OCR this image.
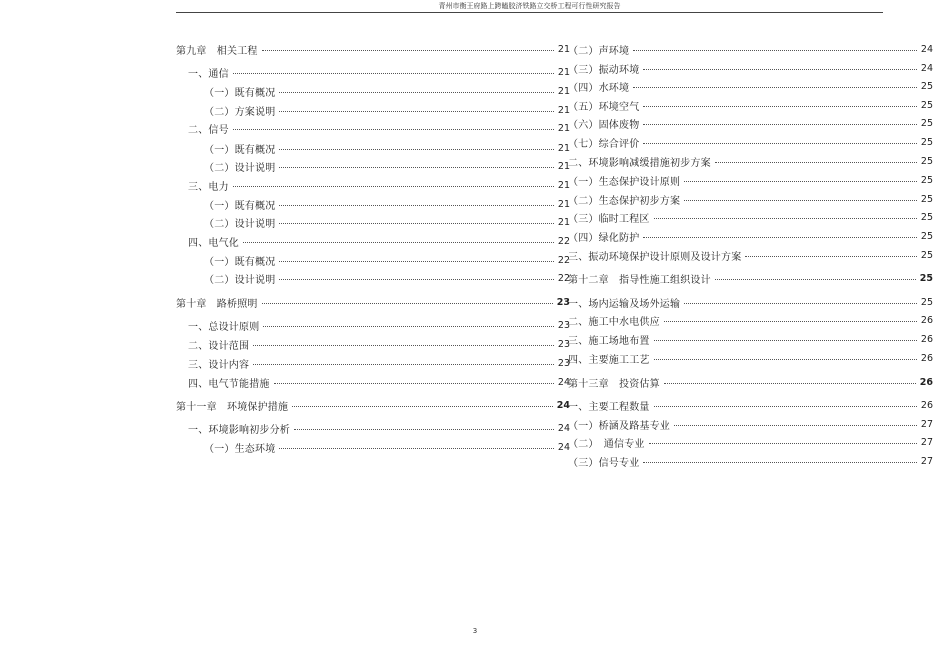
青州市衡王府路上跨瞌胶济铁路立交桥工程可行性研究报告
第九章　相关工程	21
一、通信	21
（一）既有概况	21
（二）方案说明	21
二、信号	21
（一）既有概况	21
（二）设计说明	21
三、电力	21
（一）既有概况	21
（二）设计说明	21
四、电气化	22
（一）既有概况	22
（二）设计说明	22
第十章　路桥照明	23
一、总设计原则	23
二、设计范围	23
三、设计内容	23
四、电气节能措施	24
第十一章　环境保护措施	24
一、环境影响初步分析	24
（一）生态环境	24
（二）声环境	24
（三）振动环境	24
（四）水环境	25
（五）环境空气	25
（六）固体废物	25
（七）综合评价	25
二、环境影响减缓措施初步方案	25
（一）生态保护设计原则	25
（二）生态保护初步方案	25
（三）临时工程区	25
（四）绿化防护	25
三、振动环境保护设计原则及设计方案	25
第十二章　指导性施工组织设计	25
一、场内运输及场外运输	25
二、施工中水电供应	26
三、施工场地布置	26
四、主要施工工艺	26
第十三章　投资估算	26
一、主要工程数量	26
（一）桥涵及路基专业	27
（二）　通信专业	27
（三）信号专业	27
3
